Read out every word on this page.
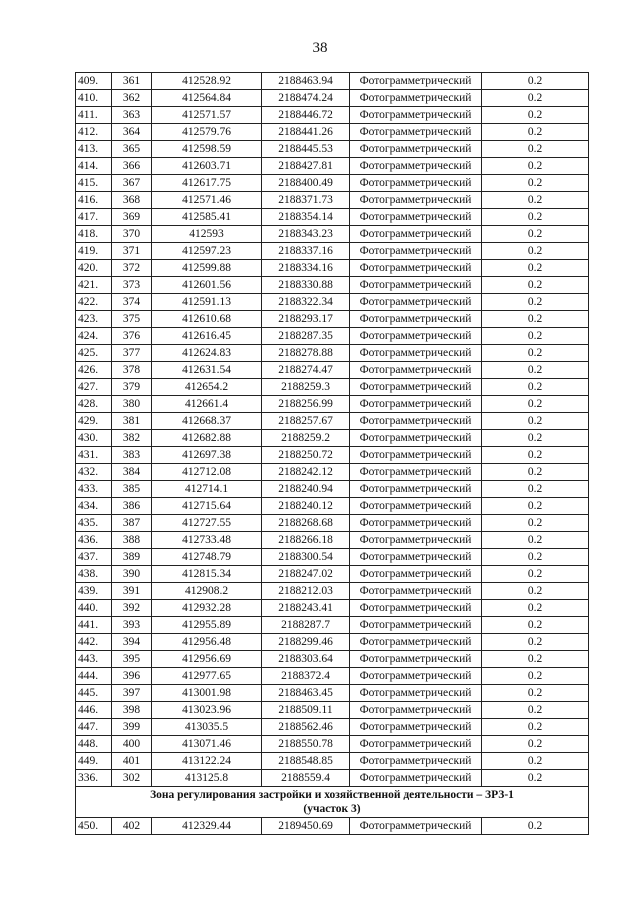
38
409.	361	412528.92	2188463.94	Фотограмметрический	0.2
410.	362	412564.84	2188474.24	Фотограмметрический	0.2
411.	363	412571.57	2188446.72	Фотограмметрический	0.2
412.	364	412579.76	2188441.26	Фотограмметрический	0.2
413.	365	412598.59	2188445.53	Фотограмметрический	0.2
414.	366	412603.71	2188427.81	Фотограмметрический	0.2
415.	367	412617.75	2188400.49	Фотограмметрический	0.2
416.	368	412571.46	2188371.73	Фотограмметрический	0.2
417.	369	412585.41	2188354.14	Фотограмметрический	0.2
418.	370	412593	2188343.23	Фотограмметрический	0.2
419.	371	412597.23	2188337.16	Фотограмметрический	0.2
420.	372	412599.88	2188334.16	Фотограмметрический	0.2
421.	373	412601.56	2188330.88	Фотограмметрический	0.2
422.	374	412591.13	2188322.34	Фотограмметрический	0.2
423.	375	412610.68	2188293.17	Фотограмметрический	0.2
424.	376	412616.45	2188287.35	Фотограмметрический	0.2
425.	377	412624.83	2188278.88	Фотограмметрический	0.2
426.	378	412631.54	2188274.47	Фотограмметрический	0.2
427.	379	412654.2	2188259.3	Фотограмметрический	0.2
428.	380	412661.4	2188256.99	Фотограмметрический	0.2
429.	381	412668.37	2188257.67	Фотограмметрический	0.2
430.	382	412682.88	2188259.2	Фотограмметрический	0.2
431.	383	412697.38	2188250.72	Фотограмметрический	0.2
432.	384	412712.08	2188242.12	Фотограмметрический	0.2
433.	385	412714.1	2188240.94	Фотограмметрический	0.2
434.	386	412715.64	2188240.12	Фотограмметрический	0.2
435.	387	412727.55	2188268.68	Фотограмметрический	0.2
436.	388	412733.48	2188266.18	Фотограмметрический	0.2
437.	389	412748.79	2188300.54	Фотограмметрический	0.2
438.	390	412815.34	2188247.02	Фотограмметрический	0.2
439.	391	412908.2	2188212.03	Фотограмметрический	0.2
440.	392	412932.28	2188243.41	Фотограмметрический	0.2
441.	393	412955.89	2188287.7	Фотограмметрический	0.2
442.	394	412956.48	2188299.46	Фотограмметрический	0.2
443.	395	412956.69	2188303.64	Фотограмметрический	0.2
444.	396	412977.65	2188372.4	Фотограмметрический	0.2
445.	397	413001.98	2188463.45	Фотограмметрический	0.2
446.	398	413023.96	2188509.11	Фотограмметрический	0.2
447.	399	413035.5	2188562.46	Фотограмметрический	0.2
448.	400	413071.46	2188550.78	Фотограмметрический	0.2
449.	401	413122.24	2188548.85	Фотограмметрический	0.2
336.	302	413125.8	2188559.4	Фотограмметрический	0.2
Зона регулирования застройки и хозяйственной деятельности – ЗРЗ-1
(участок 3)					
450.	402	412329.44	2189450.69	Фотограмметрический	0.2
